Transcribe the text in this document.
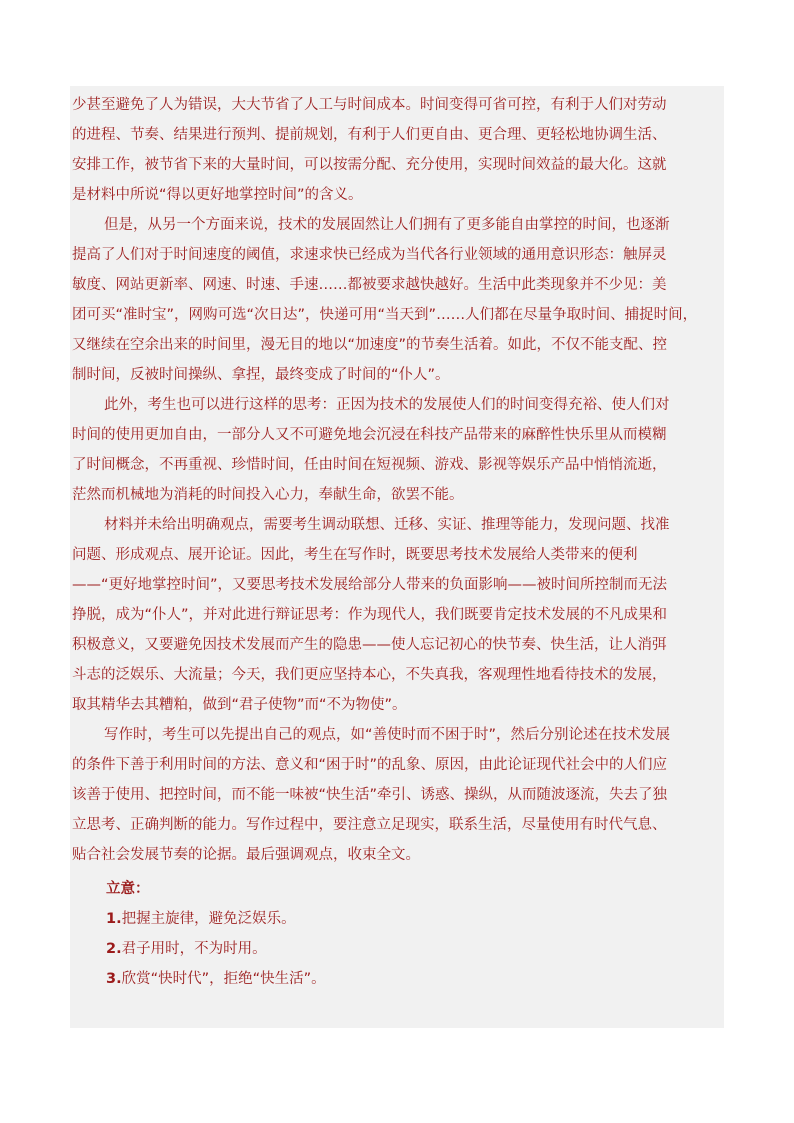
少甚至避免了人为错误，大大节省了人工与时间成本。时间变得可省可控，有利于人们对劳动
的进程、节奏、结果进行预判、提前规划，有利于人们更自由、更合理、更轻松地协调生活、
安排工作，被节省下来的大量时间，可以按需分配、充分使用，实现时间效益的最大化。这就
是材料中所说“得以更好地掌控时间”的含义。
但是，从另一个方面来说，技术的发展固然让人们拥有了更多能自由掌控的时间，也逐渐
提高了人们对于时间速度的阈值，求速求快已经成为当代各行业领域的通用意识形态：触屏灵
敏度、网站更新率、网速、时速、手速……都被要求越快越好。生活中此类现象并不少见：美
团可买“准时宝”，网购可选“次日达”，快递可用“当天到”……人们都在尽量争取时间、捕捉时间，
又继续在空余出来的时间里，漫无目的地以“加速度”的节奏生活着。如此，不仅不能支配、控
制时间，反被时间操纵、拿捏，最终变成了时间的“仆人”。
此外，考生也可以进行这样的思考：正因为技术的发展使人们的时间变得充裕、使人们对
时间的使用更加自由，一部分人又不可避免地会沉浸在科技产品带来的麻醉性快乐里从而模糊
了时间概念，不再重视、珍惜时间，任由时间在短视频、游戏、影视等娱乐产品中悄悄流逝，
茫然而机械地为消耗的时间投入心力，奉献生命，欲罢不能。
材料并未给出明确观点，需要考生调动联想、迁移、实证、推理等能力，发现问题、找准
问题、形成观点、展开论证。因此，考生在写作时，既要思考技术发展给人类带来的便利
——“更好地掌控时间”，又要思考技术发展给部分人带来的负面影响——被时间所控制而无法
挣脱，成为“仆人”，并对此进行辩证思考：作为现代人，我们既要肯定技术发展的不凡成果和
积极意义，又要避免因技术发展而产生的隐患——使人忘记初心的快节奏、快生活，让人消弭
斗志的泛娱乐、大流量；今天，我们更应坚持本心，不失真我，客观理性地看待技术的发展，
取其精华去其糟粕，做到“君子使物”而“不为物使”。
写作时，考生可以先提出自己的观点，如“善使时而不困于时”，然后分别论述在技术发展
的条件下善于利用时间的方法、意义和“困于时”的乱象、原因，由此论证现代社会中的人们应
该善于使用、把控时间，而不能一味被“快生活”牵引、诱惑、操纵，从而随波逐流，失去了独
立思考、正确判断的能力。写作过程中，要注意立足现实，联系生活，尽量使用有时代气息、
贴合社会发展节奏的论据。最后强调观点，收束全文。
立意：
1.把握主旋律，避免泛娱乐。
2.君子用时，不为时用。
3.欣赏“快时代”，拒绝“快生活”。
